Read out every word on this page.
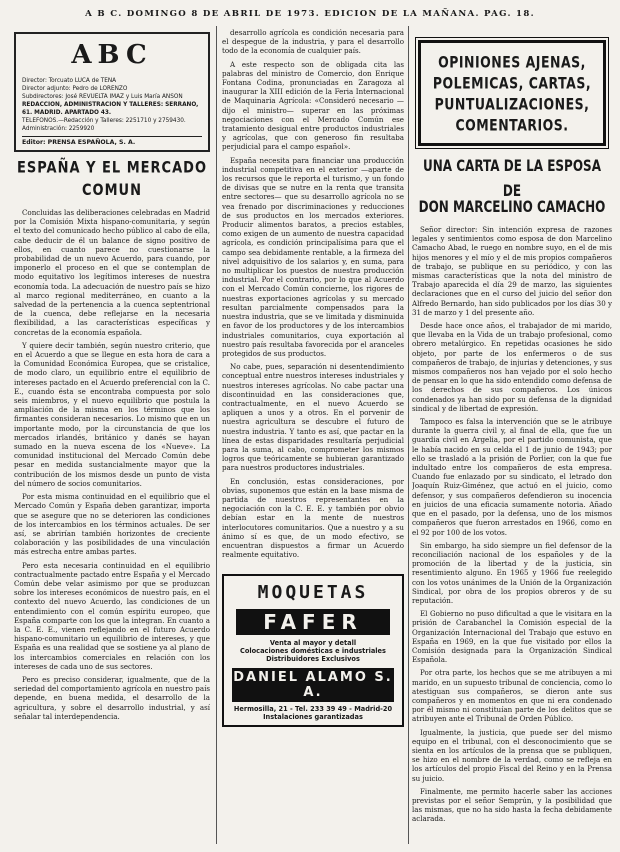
A B C. DOMINGO 8 DE ABRIL DE 1973. EDICION DE LA MAÑANA. PAG. 18.
ABC

Director: Torcuato LUCA de TENA

Director adjunto: Pedro de LORENZO

Subdirectores: José REVUELTA IMAZ y Luis María ANSON

REDACCION, ADMINISTRACION Y TALLERES: SERRANO, 61. MADRID. APARTADO 43.

TELEFONOS.—Redacción y Talleres: 2251710 y 2759430. Administración: 2259920

Editor: PRENSA ESPAÑOLA, S. A.
ESPAÑA Y EL MERCADO COMUN

Concluidas las deliberaciones celebradas en Madrid por la Comisión Mixta hispano-comunitaria, y según el texto del comunicado hecho público al cabo de ella, cabe deducir de él un balance de signo positivo de ellos, en cuanto parece no cuestionarse la probabilidad de un nuevo Acuerdo, para cuando, por imponerlo el proceso en el que se contemplan de modo equitativo los legítimos intereses de nuestra economía toda. La adecuación de nuestro país se hizo al marco regional mediterráneo, en cuanto a la salvedad de la pertenencia a la cuenca septentrional de la cuenca, debe reflejarse en la necesaria flexibilidad, a las características específicas y concretas de la economía española.

Y quiere decir también, según nuestro criterio, que en el Acuerdo a que se llegue en esta hora de cara a la Comunidad Económica Europea, que se cristalice, de modo claro, un equilibrio entre el equilibrio de intereses pactado en el Acuerdo preferencial con la C. E., cuando ésta se encontraba compuesta por solo seis miembros, y el nuevo equilibrio que postula la ampliación de la misma en los términos que los firmantes consideran necesarios. Lo mismo que en un importante modo, por la circunstancia de que los mercados irlandés, británico y danés se hayan sumado en la nueva escena de los «Nueve». La comunidad institucional del Mercado Común debe pesar en medida sustancialmente mayor que la contribución de los mismos desde un punto de vista del número de socios comunitarios.

Por esta misma continuidad en el equilibrio que el Mercado Común y España deben garantizar, importa que se asegure que no se deterioren las condiciones de los intercambios en los términos actuales. De ser así, se abrirían también horizontes de creciente colaboración y las posibilidades de una vinculación más estrecha entre ambas partes.

Pero esta necesaria continuidad en el equilibrio contractualmente pactado entre España y el Mercado Común debe velar asimismo por que se produzcan sobre los intereses económicos de nuestro país, en el contexto del nuevo Acuerdo, las condiciones de un entendimiento con el común espíritu europeo, que España comparte con los que la integran. En cuanto a la C. E. E., vienen reflejando en el futuro Acuerdo hispano-comunitario un equilibrio de intereses, y que España es una realidad que se sostiene ya al plano de los intercambios comerciales en relación con los intereses de cada uno de sus sectores.

Pero es preciso considerar, igualmente, que de la seriedad del comportamiento agrícola en nuestro país depende, en buena medida, el desarrollo de la agricultura, y sobre el desarrollo industrial, y así señalar tal interdependencia.

desarrollo agrícola es condición necesaria para el despegue de la industria, y para el desarrollo todo de la economía de cualquier país.

A este respecto son de obligada cita las palabras del ministro de Comercio, don Enrique Fontana Codina, pronunciadas en Zaragoza al inaugurar la XIII edición de la Feria Internacional de Maquinaria Agrícola: «Consideró necesario —dijo el ministro— superar en las próximas negociaciones con el Mercado Común ese tratamiento desigual entre productos industriales y agrícolas, que con generoso fin resultaba perjudicial para el campo español».

España necesita para financiar una producción industrial competitiva en el exterior —aparte de los recursos que le reporta el turismo, y un fondo de divisas que se nutre en la renta que transita entre sectores— que su desarrollo agrícola no se vea frenado por discriminaciones y reducciones de sus productos en los mercados exteriores. Producir alimentos baratos, a precios estables, como exigen de un aumento de nuestra capacidad agrícola, es condición principalísima para que el campo sea debidamente rentable, a la firmeza del nivel adquisitivo de los salarios y, en suma, para no multiplicar los puestos de nuestra producción industrial. Por el contrario, por lo que al Acuerdo con el Mercado Común concierne, los rigores de nuestras exportaciones agrícolas y su mercado resultan parcialmente compensados para la nuestra industria, que se ve limitada y disminuida en favor de los productores y de los intercambios industriales comunitarios, cuya exportación al nuestro país resultaba favorecida por el aranceles protegidos de sus productos.

No cabe, pues, separación ni desentendimiento conceptual entre nuestros intereses industriales y nuestros intereses agrícolas. No cabe pactar una discontinuidad en las consideraciones que, contractualmente, en el nuevo Acuerdo se apliquen a unos y a otros. En el porvenir de nuestra agricultura se descubre el futuro de nuestra industria. Y tanto es así, que pactar en la línea de estas disparidades resultaría perjudicial para la suma, al cabo, comprometer los mismos logros que teóricamente se hubieran garantizado para nuestros productores industriales.

En conclusión, estas consideraciones, por obvias, suponemos que están en la base misma de partida de nuestros representantes en la negociación con la C. E. E. y también por obvio debían estar en la mente de nuestros interlocutores comunitarios. Que a nuestro y a su ánimo sí es que, de un modo efectivo, se encuentran dispuestos a firmar un Acuerdo realmente equitativo.

MOQUETAS
FAFER

Venta al mayor y detall

Colocaciones domésticas e industriales

Distribuidores Exclusivos

DANIEL ALAMO S. A.

Hermosilla, 21 - Tel. 233 39 49 - Madrid-20

Instalaciones garantizadas

OPINIONES AJENAS,
POLEMICAS, CARTAS,
PUNTUALIZACIONES,
COMENTARIOS.
UNA CARTA DE LA ESPOSA DE
DON MARCELINO CAMACHO

Señor director: Sin intención expresa de razones legales y sentimientos como esposa de don Marcelino Camacho Abad, le ruego en nombre suyo, en el de mis hijos menores y el mío y el de mis propios compañeros de trabajo, se publique en su periódico, y con las mismas características que la nota del ministro de Trabajo aparecida el día 29 de marzo, las siguientes declaraciones que en el curso del juicio del señor don Alfredo Bernardo, han sido publicados por los días 30 y 31 de marzo y 1 del presente año.

Desde hace once años, el trabajador de mi marido, que llevaba en la Vida de un trabajo profesional, como obrero metalúrgico. En repetidas ocasiones he sido objeto, por parte de los enfermeros o de sus compañeros de trabajo, de injurias y detenciones, y sus mismos compañeros nos han vejado por el solo hecho de pensar en lo que ha sido entendido como defensa de los derechos de sus compañeros. Los únicos condenados ya han sido por su defensa de la dignidad sindical y de libertad de expresión.

Tampoco es falsa la intervención que se le atribuye durante la guerra civil y, al final de ella, que fue un guardia civil en Argelia, por el partido comunista, que le había nacido en su celda el 1 de junio de 1943; por ello se trasladó a la prisión de Porlier, con la que fue indultado entre los compañeros de esta empresa. Cuando fue enlazado por su sindicato, el letrado don Joaquín Ruiz-Giménez, que actuó en el juicio, como defensor, y sus compañeros defendieron su inocencia en juicios de una eficacia sumamente notoria. Añado que en el pasado, por la defensa, uno de los mismos compañeros que fueron arrestados en 1966, como en el 92 por 100 de los votos.

Sin embargo, ha sido siempre un fiel defensor de la reconciliación nacional de los españoles y de la promoción de la libertad y de la justicia, sin resentimiento alguno. En 1965 y 1966 fue reelegido con los votos unánimes de la Unión de la Organización Sindical, por obra de los propios obreros y de su reputación.

El Gobierno no puso dificultad a que le visitara en la prisión de Carabanchel la Comisión especial de la Organización Internacional del Trabajo que estuvo en España en 1969, en la que fue visitado por ellos la Comisión designada para la Organización Sindical Española.

Por otra parte, los hechos que se me atribuyen a mi marido, en un supuesto tribunal de conciencia, como lo atestiguan sus compañeros, se dieron ante sus compañeros y en momentos en que ni era condenado por él mismo ni constituían parte de los delitos que se atribuyen ante el Tribunal de Orden Público.

Igualmente, la justicia, que puede ser del mismo equipo en el tribunal, con el desconocimiento que se sienta en los artículos de la prensa que se publiquen, se hizo en el nombre de la verdad, como se refleja en los artículos del propio Fiscal del Reino y en la Prensa su juicio.

Finalmente, me permito hacerle saber las acciones previstas por el señor Semprún, y la posibilidad que las mismas, que no ha sido hasta la fecha debidamente aclarada.
